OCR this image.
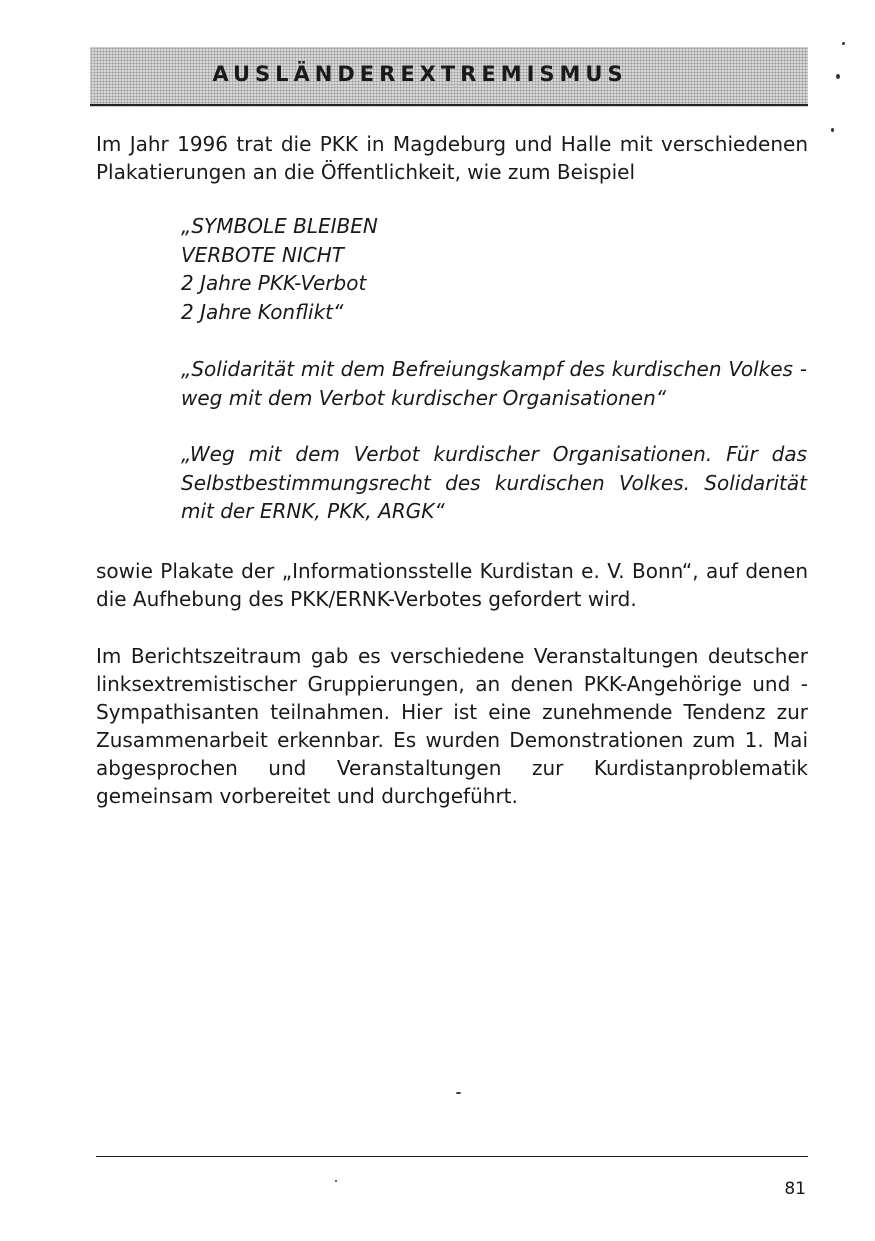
AUSLÄNDEREXTREMISMUS

Im Jahr 1996 trat die PKK in Magdeburg und Halle mit verschiedenen Plakatierungen an die Öffentlichkeit, wie zum Beispiel

„SYMBOLE BLEIBEN
VERBOTE NICHT
2 Jahre PKK-Verbot
2 Jahre Konflikt“

„Solidarität mit dem Befreiungskampf des kurdischen Volkes - weg mit dem Verbot kurdischer Organisationen“

„Weg mit dem Verbot kurdischer Organisationen. Für das Selbstbestimmungsrecht des kurdischen Volkes. Solidarität mit der ERNK, PKK, ARGK“

sowie Plakate der „Informationsstelle Kurdistan e. V. Bonn“, auf denen die Aufhebung des PKK/ERNK-Verbotes gefordert wird.

Im Berichtszeitraum gab es verschiedene Veranstaltungen deutscher linksextremistischer Gruppierungen, an denen PKK-Angehörige und -Sympathisanten teilnahmen. Hier ist eine zunehmende Tendenz zur Zusammenarbeit erkennbar. Es wurden Demonstrationen zum 1. Mai abgesprochen und Veranstaltungen zur Kurdistanproblematik gemeinsam vorbereitet und durchgeführt.

81
